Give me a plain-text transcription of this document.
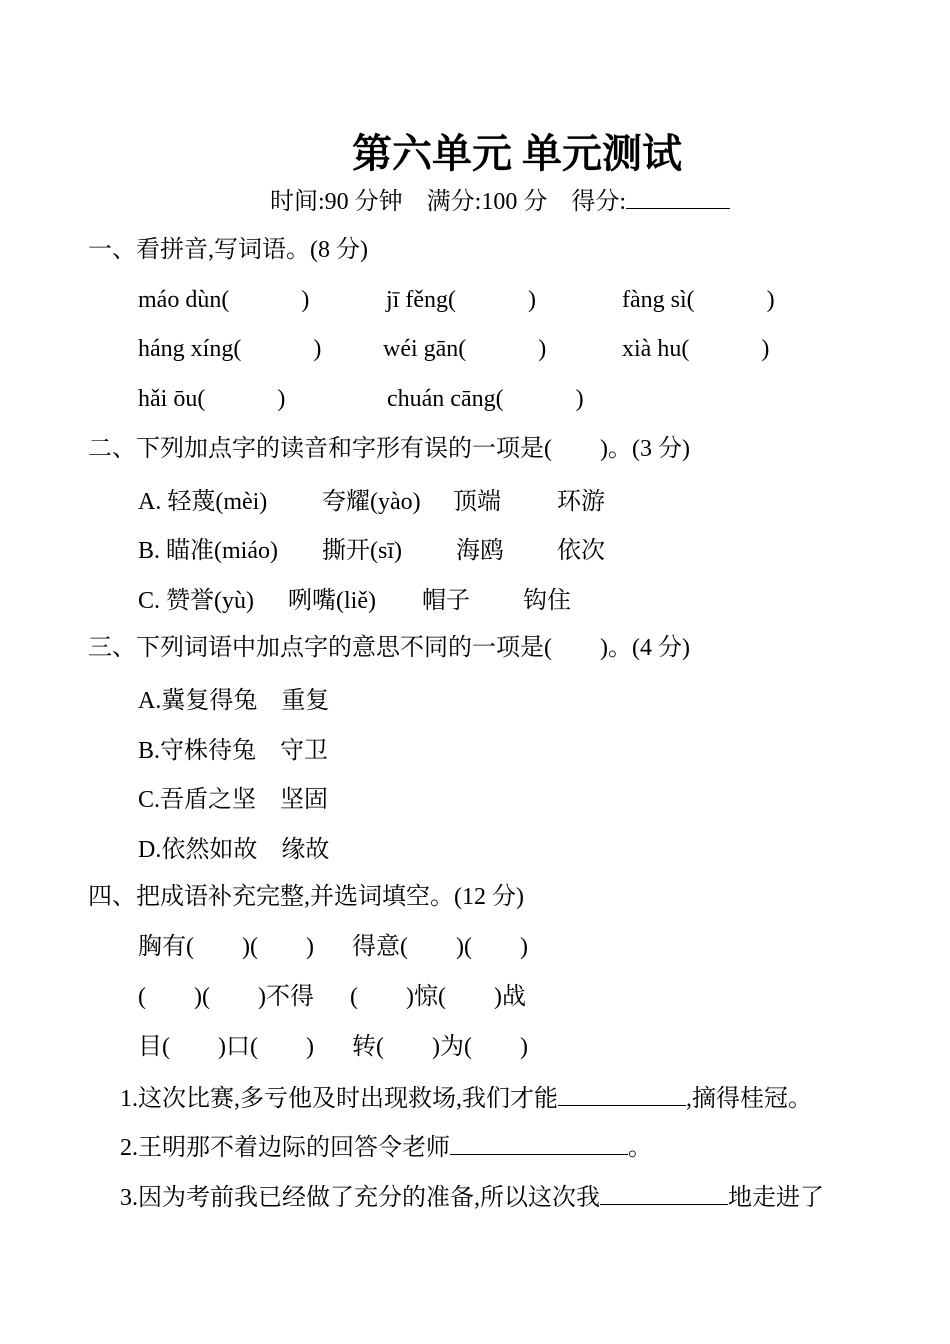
第六单元 单元测试
时间:90 分钟 满分:100 分 得分:
一、看拼音,写词语。(8 分)
máo dùn(            )	jī fěng(            )	fàng sì(            )
háng xíng(            )	wéi gān(            )	xià hu(            )
hǎi ōu(            )	chuán cāng(            )
二、下列加点字的读音和字形有误的一项是(        )。(3 分)
A. 轻蔑(mèi) 夸耀(yào) 顶端 环游
B. 瞄准(miáo) 撕开(sī) 海鸥 依次
C. 赞誉(yù) 咧嘴(liě) 帽子 钩住
三、下列词语中加点字的意思不同的一项是(        )。(4 分)
A.冀复得兔    重复
B.守株待兔    守卫
C.吾盾之坚    坚固
D.依然如故    缘故
四、把成语补充完整,并选词填空。(12 分)
胸有(        )(        ) 得意(        )(        )
(        )(        )不得 (        )惊(        )战
目(        )口(        ) 转(        )为(        )
1.这次比赛,多亏他及时出现救场,我们才能	,摘得桂冠。
2.王明那不着边际的回答令老师	。
3.因为考前我已经做了充分的准备,所以这次我	地走进了
